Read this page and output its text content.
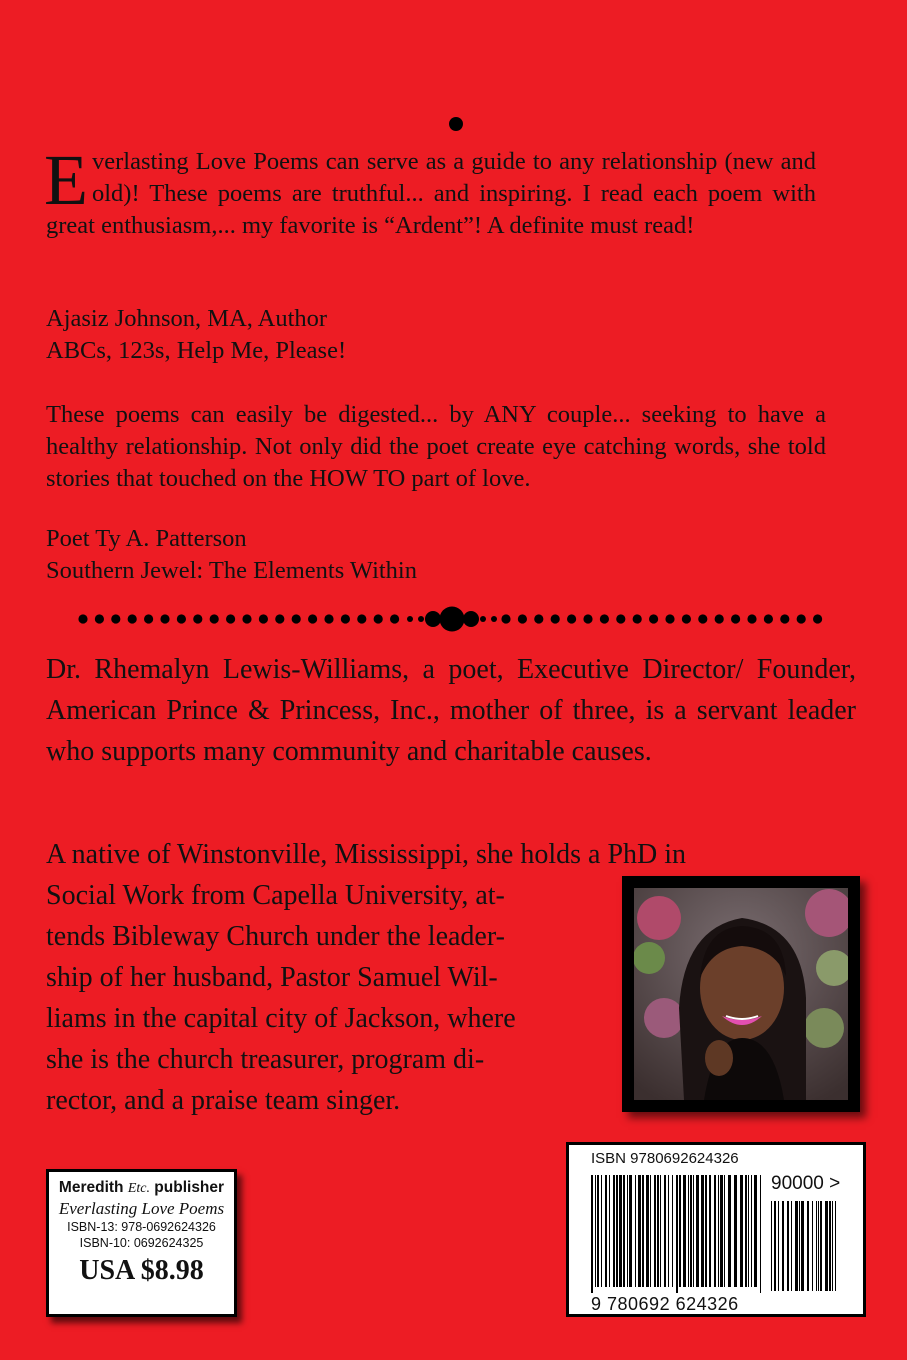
Everlasting Love Poems can serve as a guide to any relationship (new and old)! These poems are truthful... and inspiring. I read each poem with great enthusiasm,... my favorite is “Ardent”! A definite must read!

Ajasiz Johnson, MA, Author

ABCs, 123s, Help Me, Please!

These poems can easily be digested... by ANY couple... seeking to have a healthy relationship. Not only did the poet create eye catching words, she told stories that touched on the HOW TO part of love.

Poet Ty A. Patterson

Southern Jewel: The Elements Within

Dr. Rhemalyn Lewis-Williams, a poet, Executive Director/ Founder, American Prince & Princess, Inc., mother of three, is a servant leader who supports many community and charitable causes.

A native of Winstonville, Mississippi, she holds a PhD in

Social Work from Capella University, at-

tends Bibleway Church under the leader-

ship of her husband, Pastor Samuel Wil-

liams in the capital city of Jackson, where

she is the church treasurer, program di-

rector, and a praise team singer.

Meredith Etc. publisher
Everlasting Love Poems
ISBN-13: 978-0692624326
ISBN-10: 0692624325
USA $8.98
ISBN 9780692624326
90000 >
9 780692 624326
